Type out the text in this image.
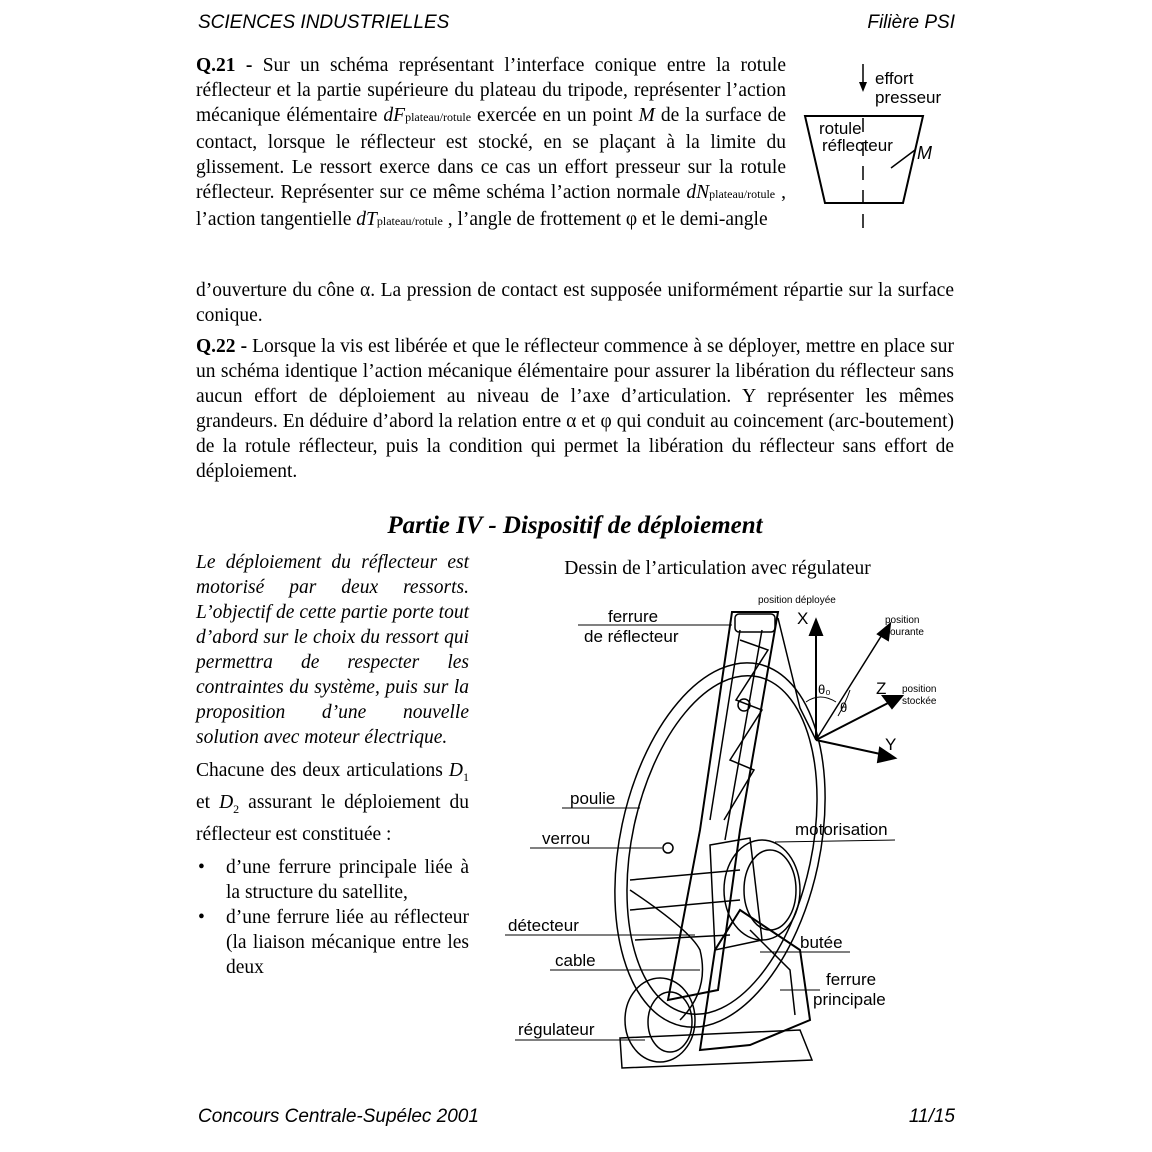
SCIENCES INDUSTRIELLES	Filière PSI
Q.21 - Sur un schéma représentant l’interface conique entre la rotule réflecteur et la partie supérieure du plateau du tripode, représenter l’action mécanique élémentaire dFplateau/rotule exercée en un point M de la surface de contact, lorsque le réflecteur est stocké, en se plaçant à la limite du glissement. Le ressort exerce dans ce cas un effort presseur sur la rotule réflecteur. Représenter sur ce même schéma l’action normale dNplateau/rotule , l’action tangentielle dTplateau/rotule , l’angle de frottement φ et le demi-angle
d’ouverture du cône α. La pression de contact est supposée uniformément répartie sur la surface conique.
effort
presseur
rotule
réflecteur M
Q.22 - Lorsque la vis est libérée et que le réflecteur commence à se déployer, mettre en place sur un schéma identique l’action mécanique élémentaire pour assurer la libération du réflecteur sans aucun effort de déploiement au niveau de l’axe d’articulation. Y représenter les mêmes grandeurs. En déduire d’abord la relation entre α et φ qui conduit au coincement (arc-boutement) de la rotule réflecteur, puis la condition qui permet la libération du réflecteur sans effort de déploiement.
Partie IV - Dispositif de déploiement

Le déploiement du réflecteur est motorisé par deux ressorts. L’objectif de cette partie porte tout d’abord sur le choix du ressort qui permettra de respecter les contraintes du système, puis sur la proposition d’une nouvelle solution avec moteur électrique.

Chacune des deux articulations $D_1$ et $D_2$ assurant le déploiement du réflecteur est constituée :

• d’une ferrure principale liée à la structure du satellite,
• d’une ferrure liée au réflecteur (la liaison mécanique entre les deux
Dessin de l’articulation avec régulateur
ferrure
de réflecteur
position déployée
X	position
courante
Z position
stockée
θ₀
θ
Y
poulie
verrou	motorisation
détecteur
butée
cable
ferrure
principale
régulateur
Concours Centrale-Supélec 2001	11/15
